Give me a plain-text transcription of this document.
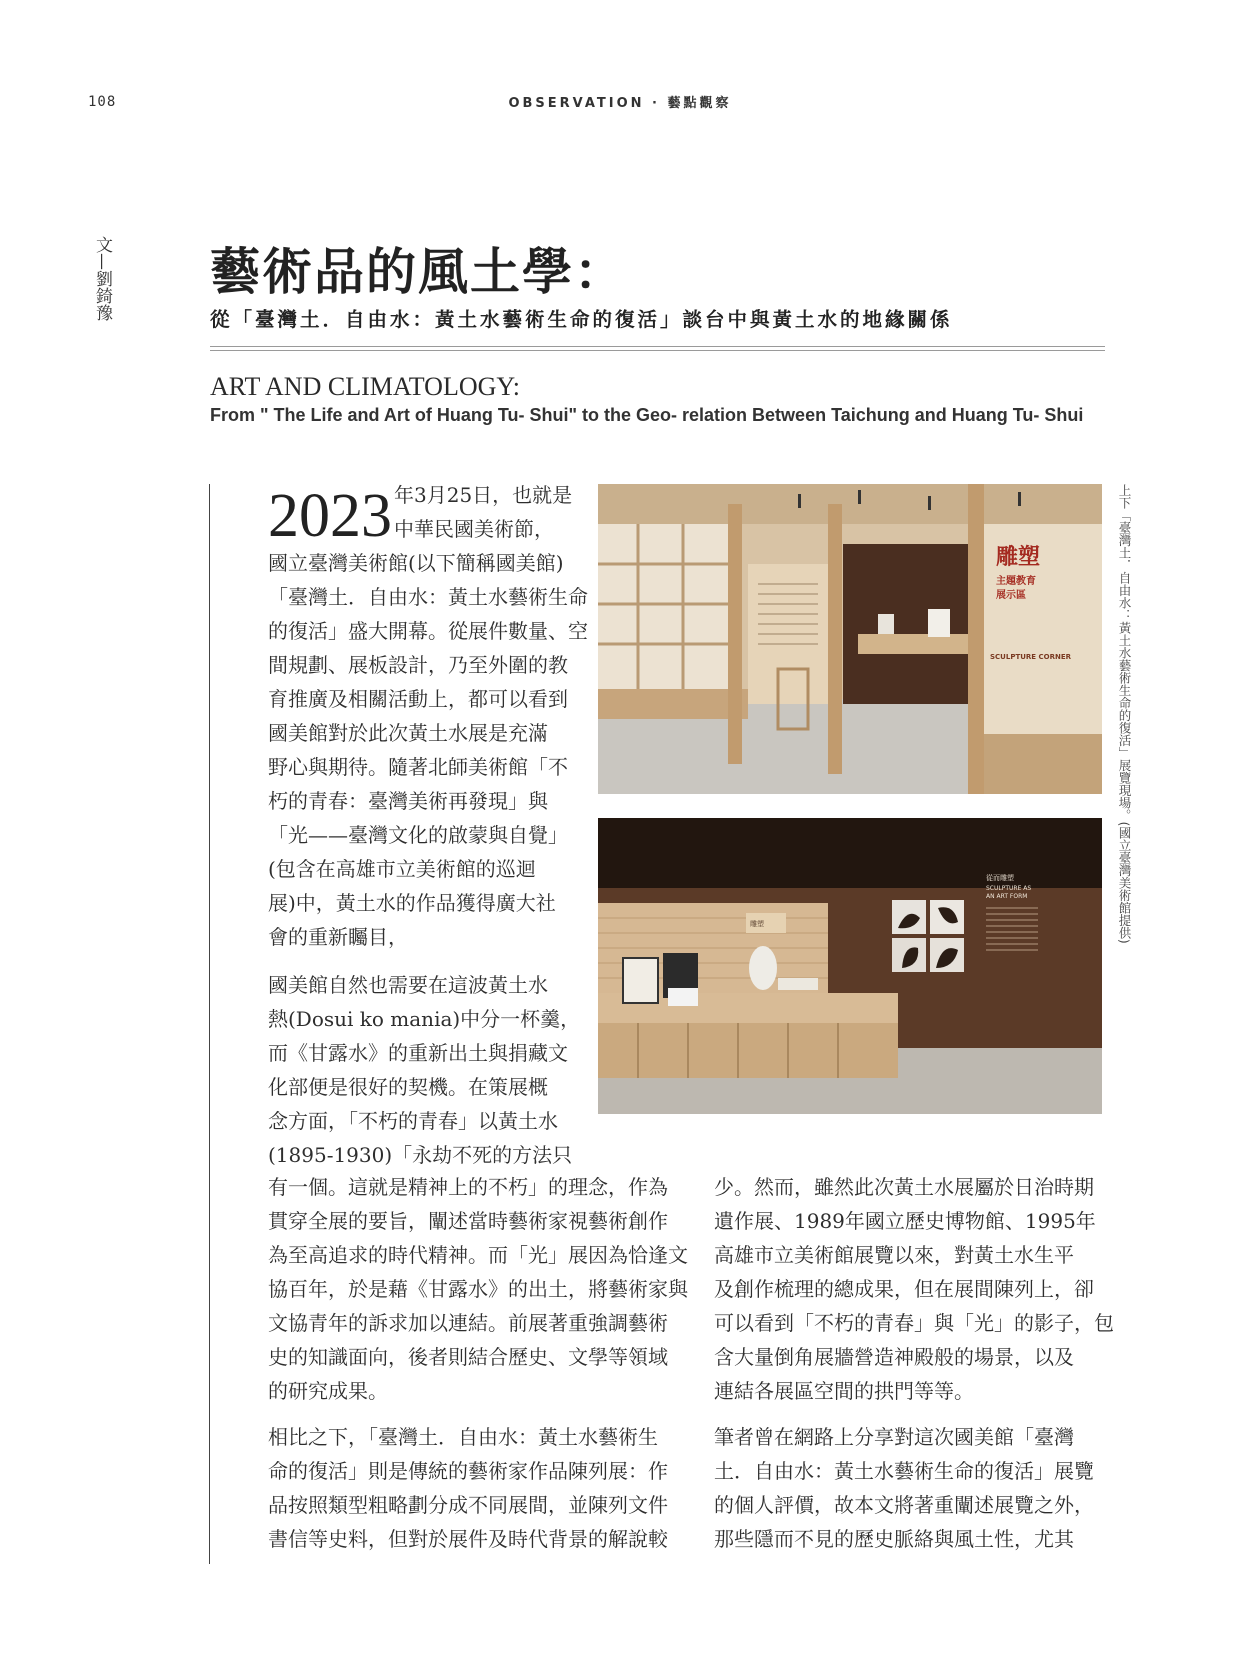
108	OBSERVATION · 藝點觀察
文—劉錡豫 藝術品的風土學：
從「臺灣土．自由水：黃土水藝術生命的復活」談台中與黃土水的地緣關係
ART AND CLIMATOLOGY:
From " The Life and Art of Huang Tu- Shui" to the Geo- relation Between Taichung and Huang Tu- Shui
2023 年3月25日，也就是
中華民國美術節，
國立臺灣美術館(以下簡稱國美館)
「臺灣土．自由水：黃土水藝術生命
的復活」盛大開幕。從展件數量、空
間規劃、展板設計，乃至外圍的教
育推廣及相關活動上，都可以看到
國美館對於此次黃土水展是充滿
野心與期待。隨著北師美術館「不
朽的青春：臺灣美術再發現」與
「光——臺灣文化的啟蒙與自覺」
(包含在高雄市立美術館的巡迴
展)中，黃土水的作品獲得廣大社
會的重新矚目，
國美館自然也需要在這波黃土水
熱(Dosui ko mania)中分一杯羹，
而《甘露水》的重新出土與捐藏文
化部便是很好的契機。在策展概
念方面，「不朽的青春」以黃土水
(1895-1930)「永劫不死的方法只
有一個。這就是精神上的不朽」的理念，作為
貫穿全展的要旨，闡述當時藝術家視藝術創作
為至高追求的時代精神。而「光」展因為恰逢文
協百年，於是藉《甘露水》的出土，將藝術家與
文協青年的訴求加以連結。前展著重強調藝術
史的知識面向，後者則結合歷史、文學等領域
的研究成果。
相比之下，「臺灣土．自由水：黃土水藝術生
命的復活」則是傳統的藝術家作品陳列展：作
品按照類型粗略劃分成不同展間，並陳列文件
書信等史料，但對於展件及時代背景的解說較
少。然而，雖然此次黃土水展屬於日治時期
遺作展、1989年國立歷史博物館、1995年
高雄市立美術館展覽以來，對黃土水生平
及創作梳理的總成果，但在展間陳列上，卻
可以看到「不朽的青春」與「光」的影子，包
含大量倒角展牆營造神殿般的場景，以及
連結各展區空間的拱門等等。
筆者曾在網路上分享對這次國美館「臺灣
土．自由水：黃土水藝術生命的復活」展覽
的個人評價，故本文將著重闡述展覽之外，
那些隱而不見的歷史脈絡與風土性，尤其
雕塑
主題教育
展示區
SCULPTURE CORNER
雕塑
從而雕塑
SCULPTURE AS
AN ART FORM	上下「臺灣土．自由水：黃土水藝術生命的復活」展覽現場。(國立臺灣美術館提供)
